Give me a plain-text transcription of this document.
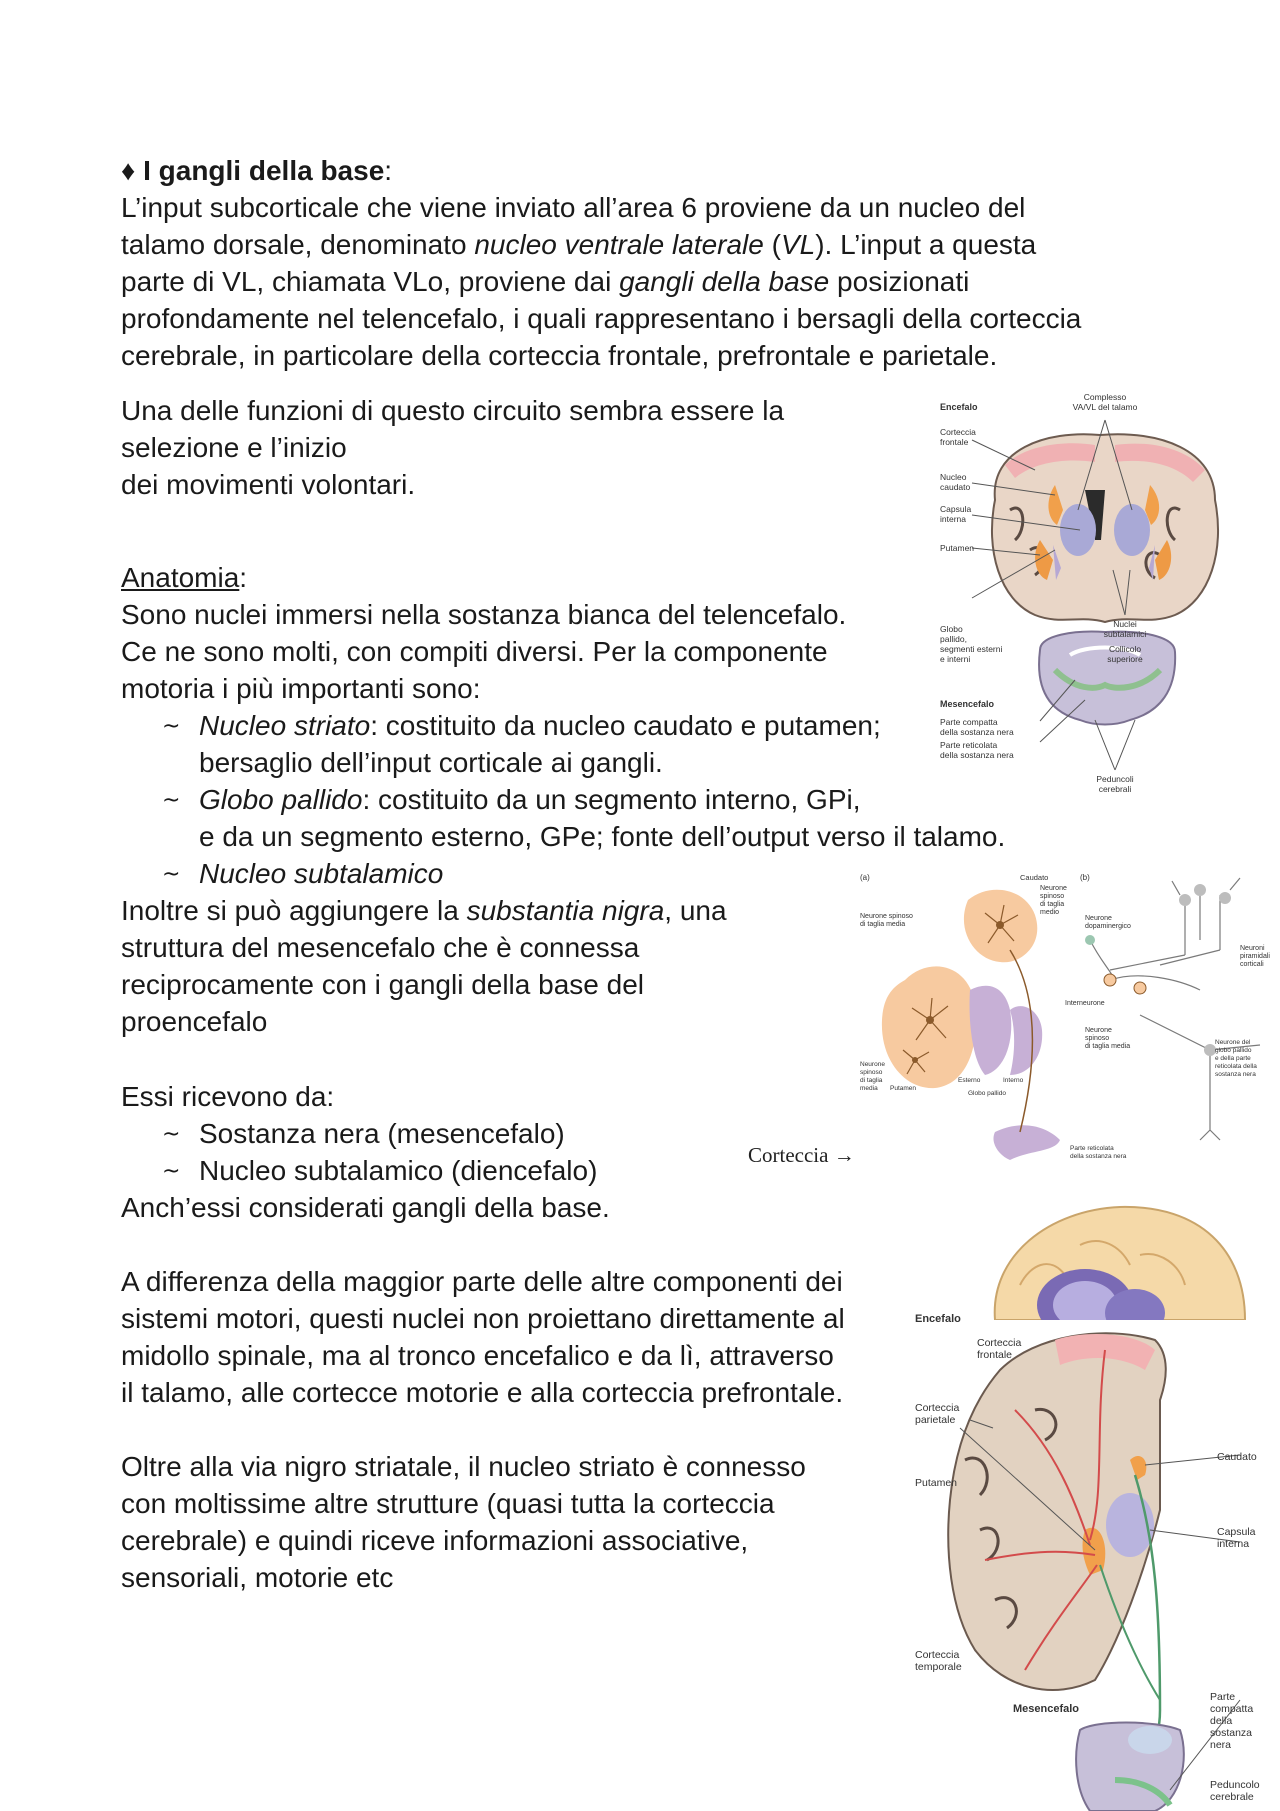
♦ I gangli della base:
L’input subcorticale che viene inviato all’area 6 proviene da un nucleo del
talamo dorsale, denominato nucleo ventrale laterale (VL). L’input a questa
parte di VL, chiamata VLo, proviene dai gangli della base posizionati
profondamente nel telencefalo, i quali rappresentano i bersagli della corteccia
cerebrale, in particolare della corteccia frontale, prefrontale e parietale.
Una delle funzioni di questo circuito sembra essere la
selezione e l’inizio
dei movimenti volontari.
Anatomia:
Sono nuclei immersi nella sostanza bianca del telencefalo.
Ce ne sono molti, con compiti diversi. Per la componente
motoria i più importanti sono:
~ Nucleo striato: costituito da nucleo caudato e putamen;
bersaglio dell’input corticale ai gangli.
~ Globo pallido: costituito da un segmento interno, GPi,
e da un segmento esterno, GPe; fonte dell’output verso il talamo.
~ Nucleo subtalamico
Inoltre si può aggiungere la substantia nigra, una
struttura del mesencefalo che è connessa
reciprocamente con i gangli della base del
proencefalo
Essi ricevono da:
~ Sostanza nera (mesencefalo)
~ Nucleo subtalamico (diencefalo)
Anch’essi considerati gangli della base.
A differenza della maggior parte delle altre componenti dei
sistemi motori, questi nuclei non proiettano direttamente al
midollo spinale, ma al tronco encefalico e da lì, attraverso
il talamo, alle cortecce motorie e alla corteccia prefrontale.
Oltre alla via nigro striatale, il nucleo striato è connesso
con moltissime altre strutture (quasi tutta la corteccia
cerebrale) e quindi riceve informazioni associative,
sensoriali, motorie etc
Encefalo
Complesso
VA/VL del talamo
Corteccia
frontale
Nucleo
caudato
Capsula
interna
Putamen
Globo
pallido,
segmenti esterni
e interni
Nuclei
subtalamici
Collicolo
superiore
Mesencefalo
Parte compatta
della sostanza nera
Parte reticolata
della sostanza nera
Peduncoli
cerebrali
Corteccia →
(a)	(b)
Caudato
Neurone
spinoso
di taglia
medio
Neurone spinoso
di taglia media
Neurone
dopaminergico
Neuroni
piramidali
corticali
Interneurone
Neurone
spinoso
di taglia media
Neurone del
globo pallido
e della parte
reticolata della
sostanza nera
Neurone
spinoso
di taglia
media Putamen
Esterno	Interno
Globo pallido
Parte reticolata
della sostanza nera
Encefalo
Corteccia
frontale
Corteccia
parietale
Caudato
Putamen
Capsula
interna
Corteccia
temporale
Mesencefalo
Parte
compatta
della
sostanza
nera
Peduncolo
cerebrale
